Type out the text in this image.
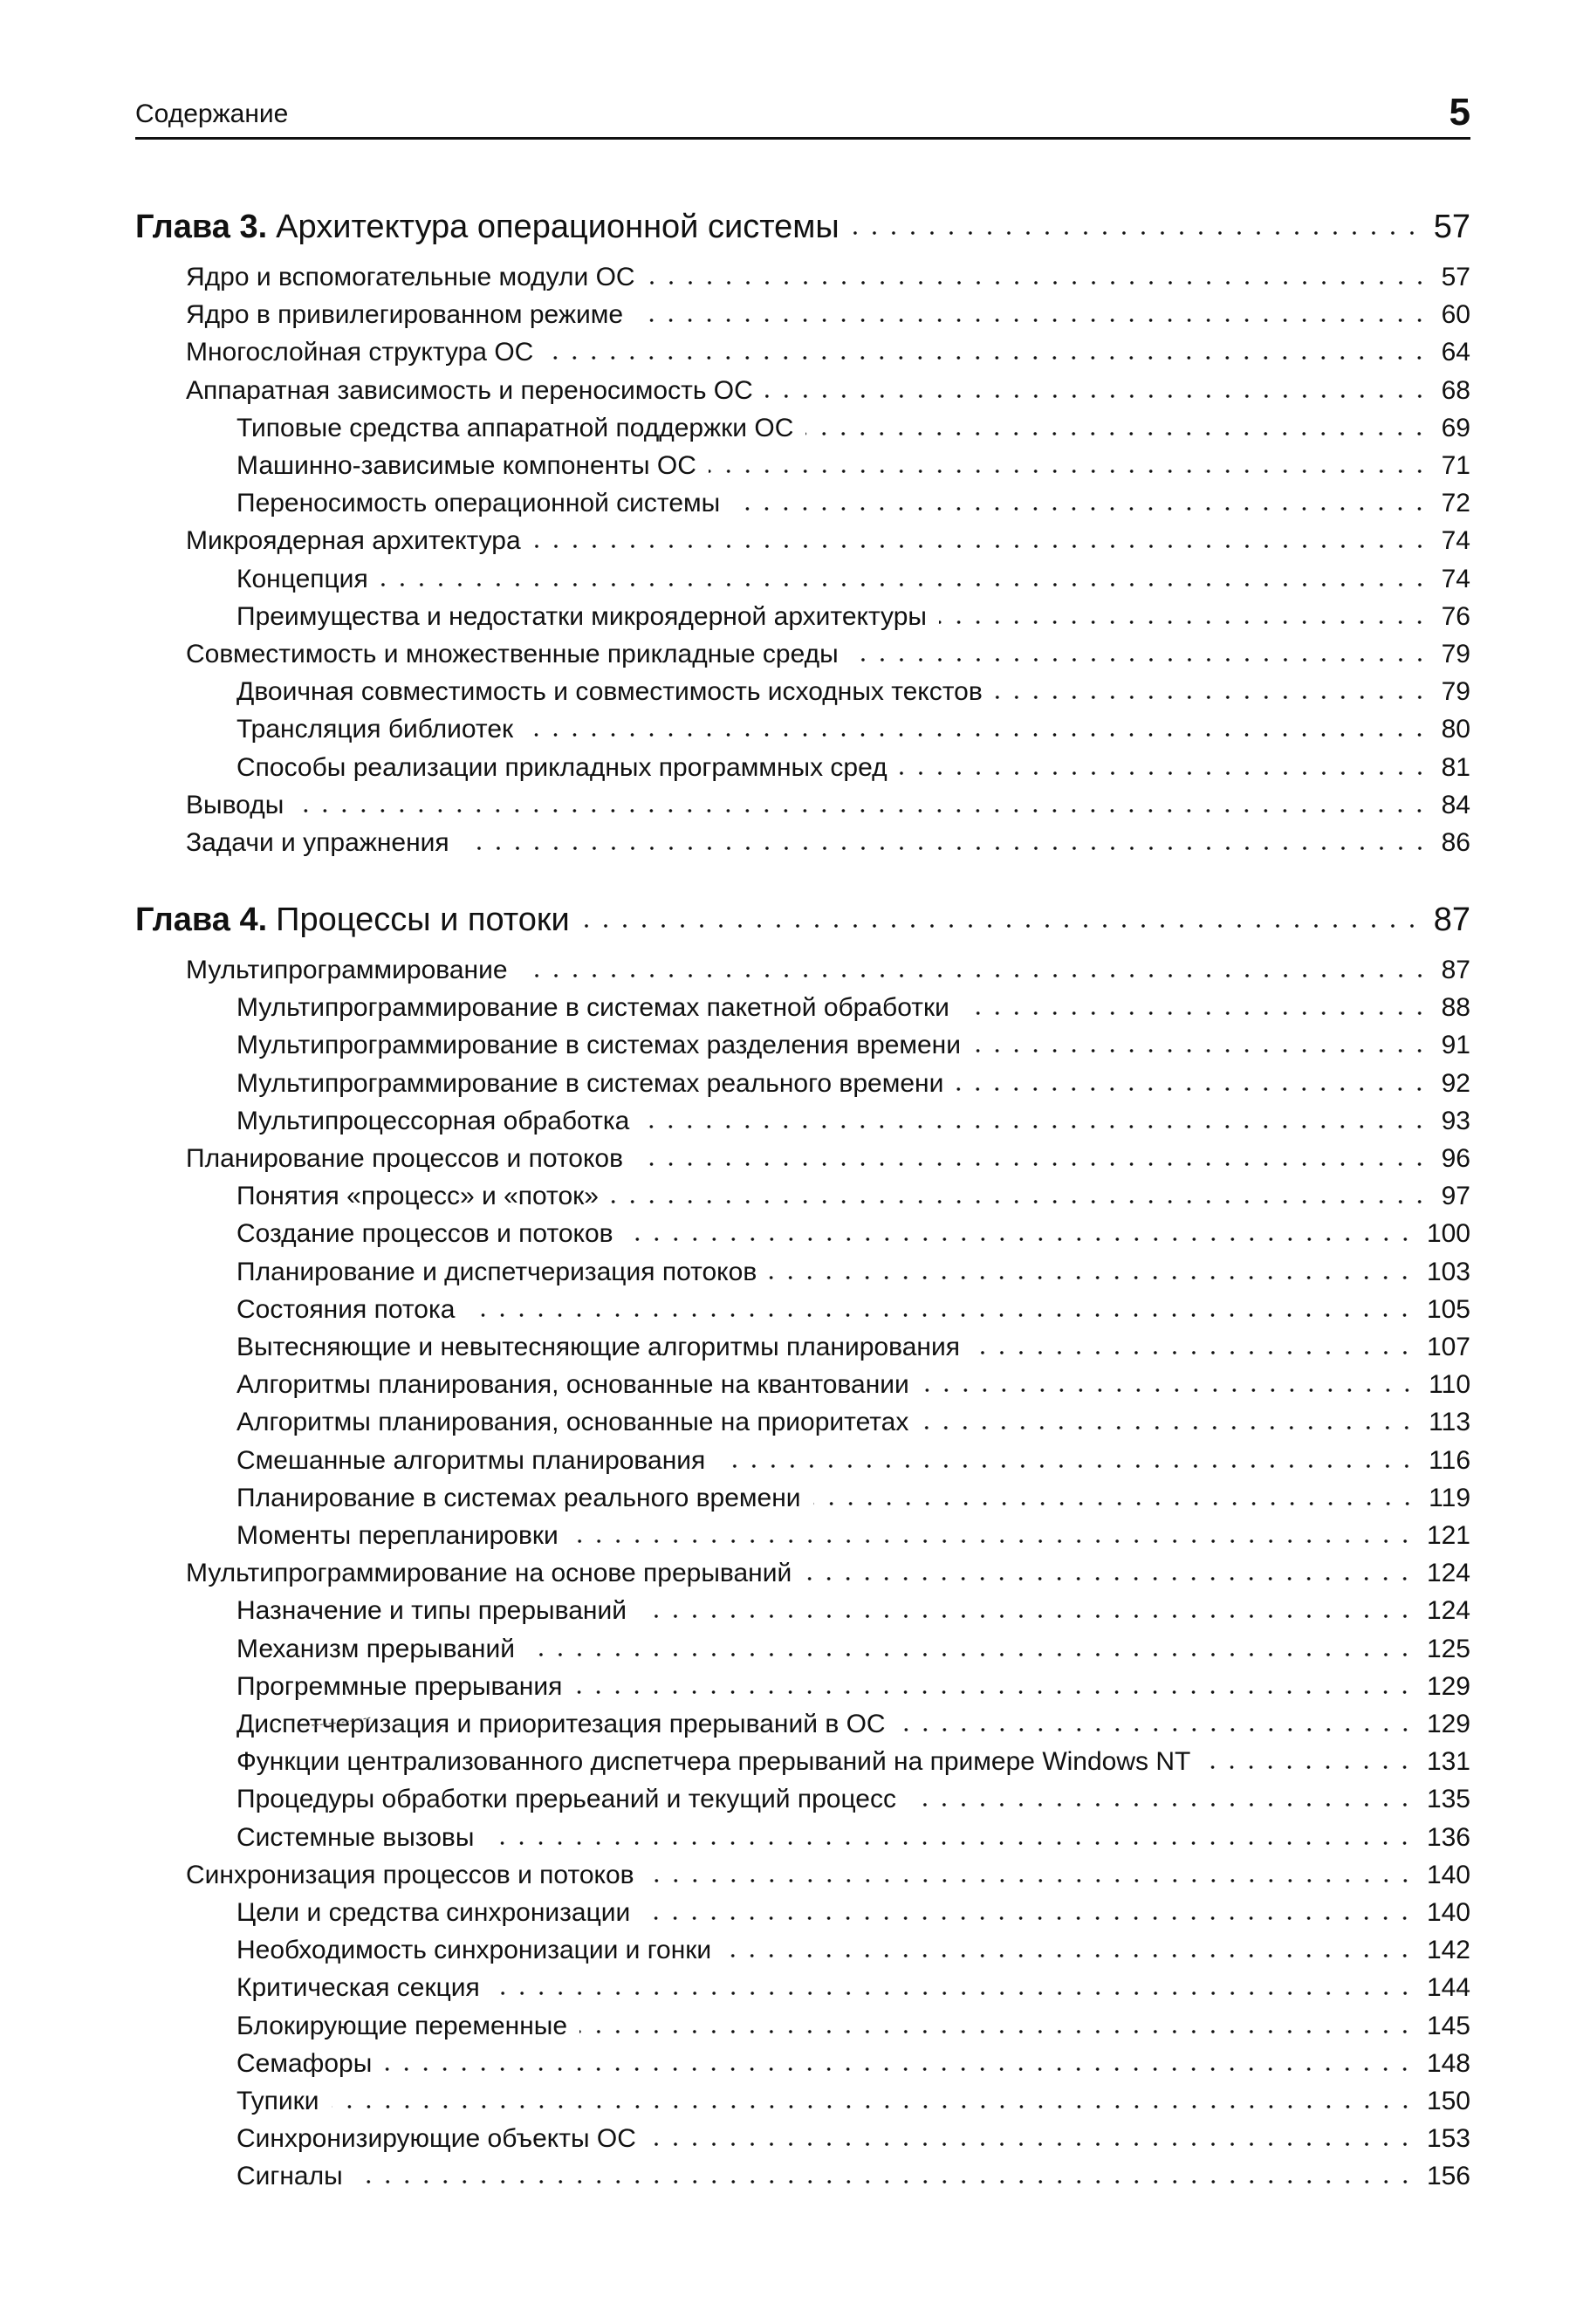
Содержание	5
Глава 3. Архитектура операционной системы	57
Ядро и вспомогательные модули ОС	57
Ядро в привилегированном режиме	60
Многослойная структура ОС	64
Аппаратная зависимость и переносимость ОС	68
Типовые средства аппаратной поддержки ОС	69
Машинно-зависимые компоненты ОС	71
Переносимость операционной системы	72
Микроядерная архитектура	74
Концепция	74
Преимущества и недостатки микроядерной архитектуры	76
Совместимость и множественные прикладные среды	79
Двоичная совместимость и совместимость исходных текстов	79
Трансляция библиотек	80
Способы реализации прикладных программных сред	81
Выводы	84
Задачи и упражнения	86
Глава 4. Процессы и потоки	87
Мультипрограммирование	87
Мультипрограммирование в системах пакетной обработки	88
Мультипрограммирование в системах разделения времени	91
Мультипрограммирование в системах реального времени	92
Мультипроцессорная обработка	93
Планирование процессов и потоков	96
Понятия «процесс» и «поток»	97
Создание процессов и потоков	100
Планирование и диспетчеризация потоков	103
Состояния потока	105
Вытесняющие и невытесняющие алгоритмы планирования	107
Алгоритмы планирования, основанные на квантовании	110
Алгоритмы планирования, основанные на приоритетах	113
Смешанные алгоритмы планирования	116
Планирование в системах реального времени	119
Моменты перепланировки	121
Мультипрограммирование на основе прерываний	124
Назначение и типы прерываний	124
Механизм прерываний	125
Прогреммные прерывания	129
Диспетчеризация и приоритезация прерываний в ОС	129
Функции централизованного диспетчера прерываний на примере Windows NT	131
Процедуры обработки прерьеаний и текущий процесс	135
Системные вызовы	136
Синхронизация процессов и потоков	140
Цели и средства синхронизации	140
Необходимость синхронизации и гонки	142
Критическая секция	144
Блокирующие переменные	145
Семафоры	148
Тупики	150
Синхронизирующие объекты ОС	153
Сигналы	156
